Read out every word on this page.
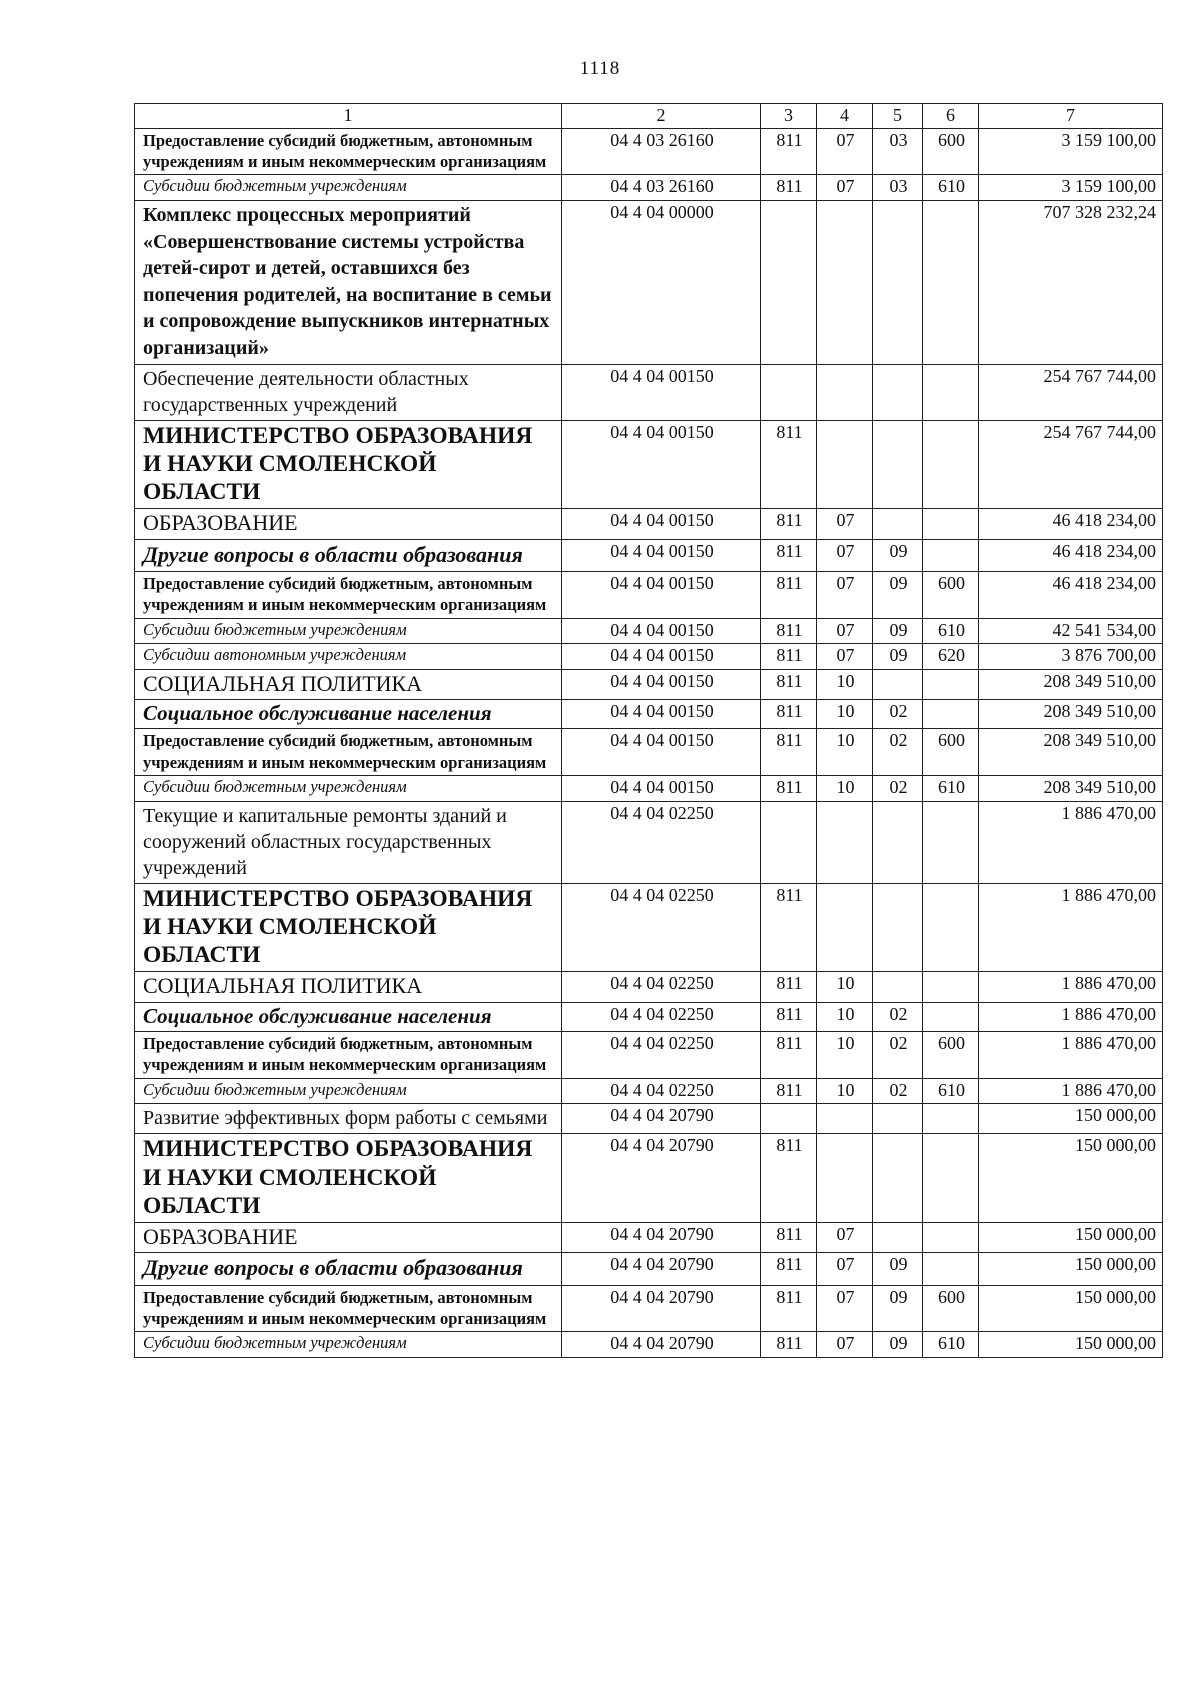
1118
1	2	3	4	5	6	7
Предоставление субсидий бюджетным, автономным учреждениям и иным некоммерческим организациям	04 4 03 26160	811	07	03	600	3 159 100,00
Субсидии бюджетным учреждениям	04 4 03 26160	811	07	03	610	3 159 100,00
Комплекс процессных мероприятий «Совершенствование системы устройства детей-сирот и детей, оставшихся без попечения родителей, на воспитание в семьи и сопровождение выпускников интернатных организаций»	04 4 04 00000					707 328 232,24
Обеспечение деятельности областных государственных учреждений	04 4 04 00150					254 767 744,00
МИНИСТЕРСТВО ОБРАЗОВАНИЯ И НАУКИ СМОЛЕНСКОЙ ОБЛАСТИ	04 4 04 00150	811				254 767 744,00
ОБРАЗОВАНИЕ	04 4 04 00150	811	07			46 418 234,00
Другие вопросы в области образования	04 4 04 00150	811	07	09		46 418 234,00
Предоставление субсидий бюджетным, автономным учреждениям и иным некоммерческим организациям	04 4 04 00150	811	07	09	600	46 418 234,00
Субсидии бюджетным учреждениям	04 4 04 00150	811	07	09	610	42 541 534,00
Субсидии автономным учреждениям	04 4 04 00150	811	07	09	620	3 876 700,00
СОЦИАЛЬНАЯ ПОЛИТИКА	04 4 04 00150	811	10			208 349 510,00
Социальное обслуживание населения	04 4 04 00150	811	10	02		208 349 510,00
Предоставление субсидий бюджетным, автономным учреждениям и иным некоммерческим организациям	04 4 04 00150	811	10	02	600	208 349 510,00
Субсидии бюджетным учреждениям	04 4 04 00150	811	10	02	610	208 349 510,00
Текущие и капитальные ремонты зданий и сооружений областных государственных учреждений	04 4 04 02250					1 886 470,00
МИНИСТЕРСТВО ОБРАЗОВАНИЯ И НАУКИ СМОЛЕНСКОЙ ОБЛАСТИ	04 4 04 02250	811				1 886 470,00
СОЦИАЛЬНАЯ ПОЛИТИКА	04 4 04 02250	811	10			1 886 470,00
Социальное обслуживание населения	04 4 04 02250	811	10	02		1 886 470,00
Предоставление субсидий бюджетным, автономным учреждениям и иным некоммерческим организациям	04 4 04 02250	811	10	02	600	1 886 470,00
Субсидии бюджетным учреждениям	04 4 04 02250	811	10	02	610	1 886 470,00
Развитие эффективных форм работы с семьями	04 4 04 20790					150 000,00
МИНИСТЕРСТВО ОБРАЗОВАНИЯ И НАУКИ СМОЛЕНСКОЙ ОБЛАСТИ	04 4 04 20790	811				150 000,00
ОБРАЗОВАНИЕ	04 4 04 20790	811	07			150 000,00
Другие вопросы в области образования	04 4 04 20790	811	07	09		150 000,00
Предоставление субсидий бюджетным, автономным учреждениям и иным некоммерческим организациям	04 4 04 20790	811	07	09	600	150 000,00
Субсидии бюджетным учреждениям	04 4 04 20790	811	07	09	610	150 000,00
